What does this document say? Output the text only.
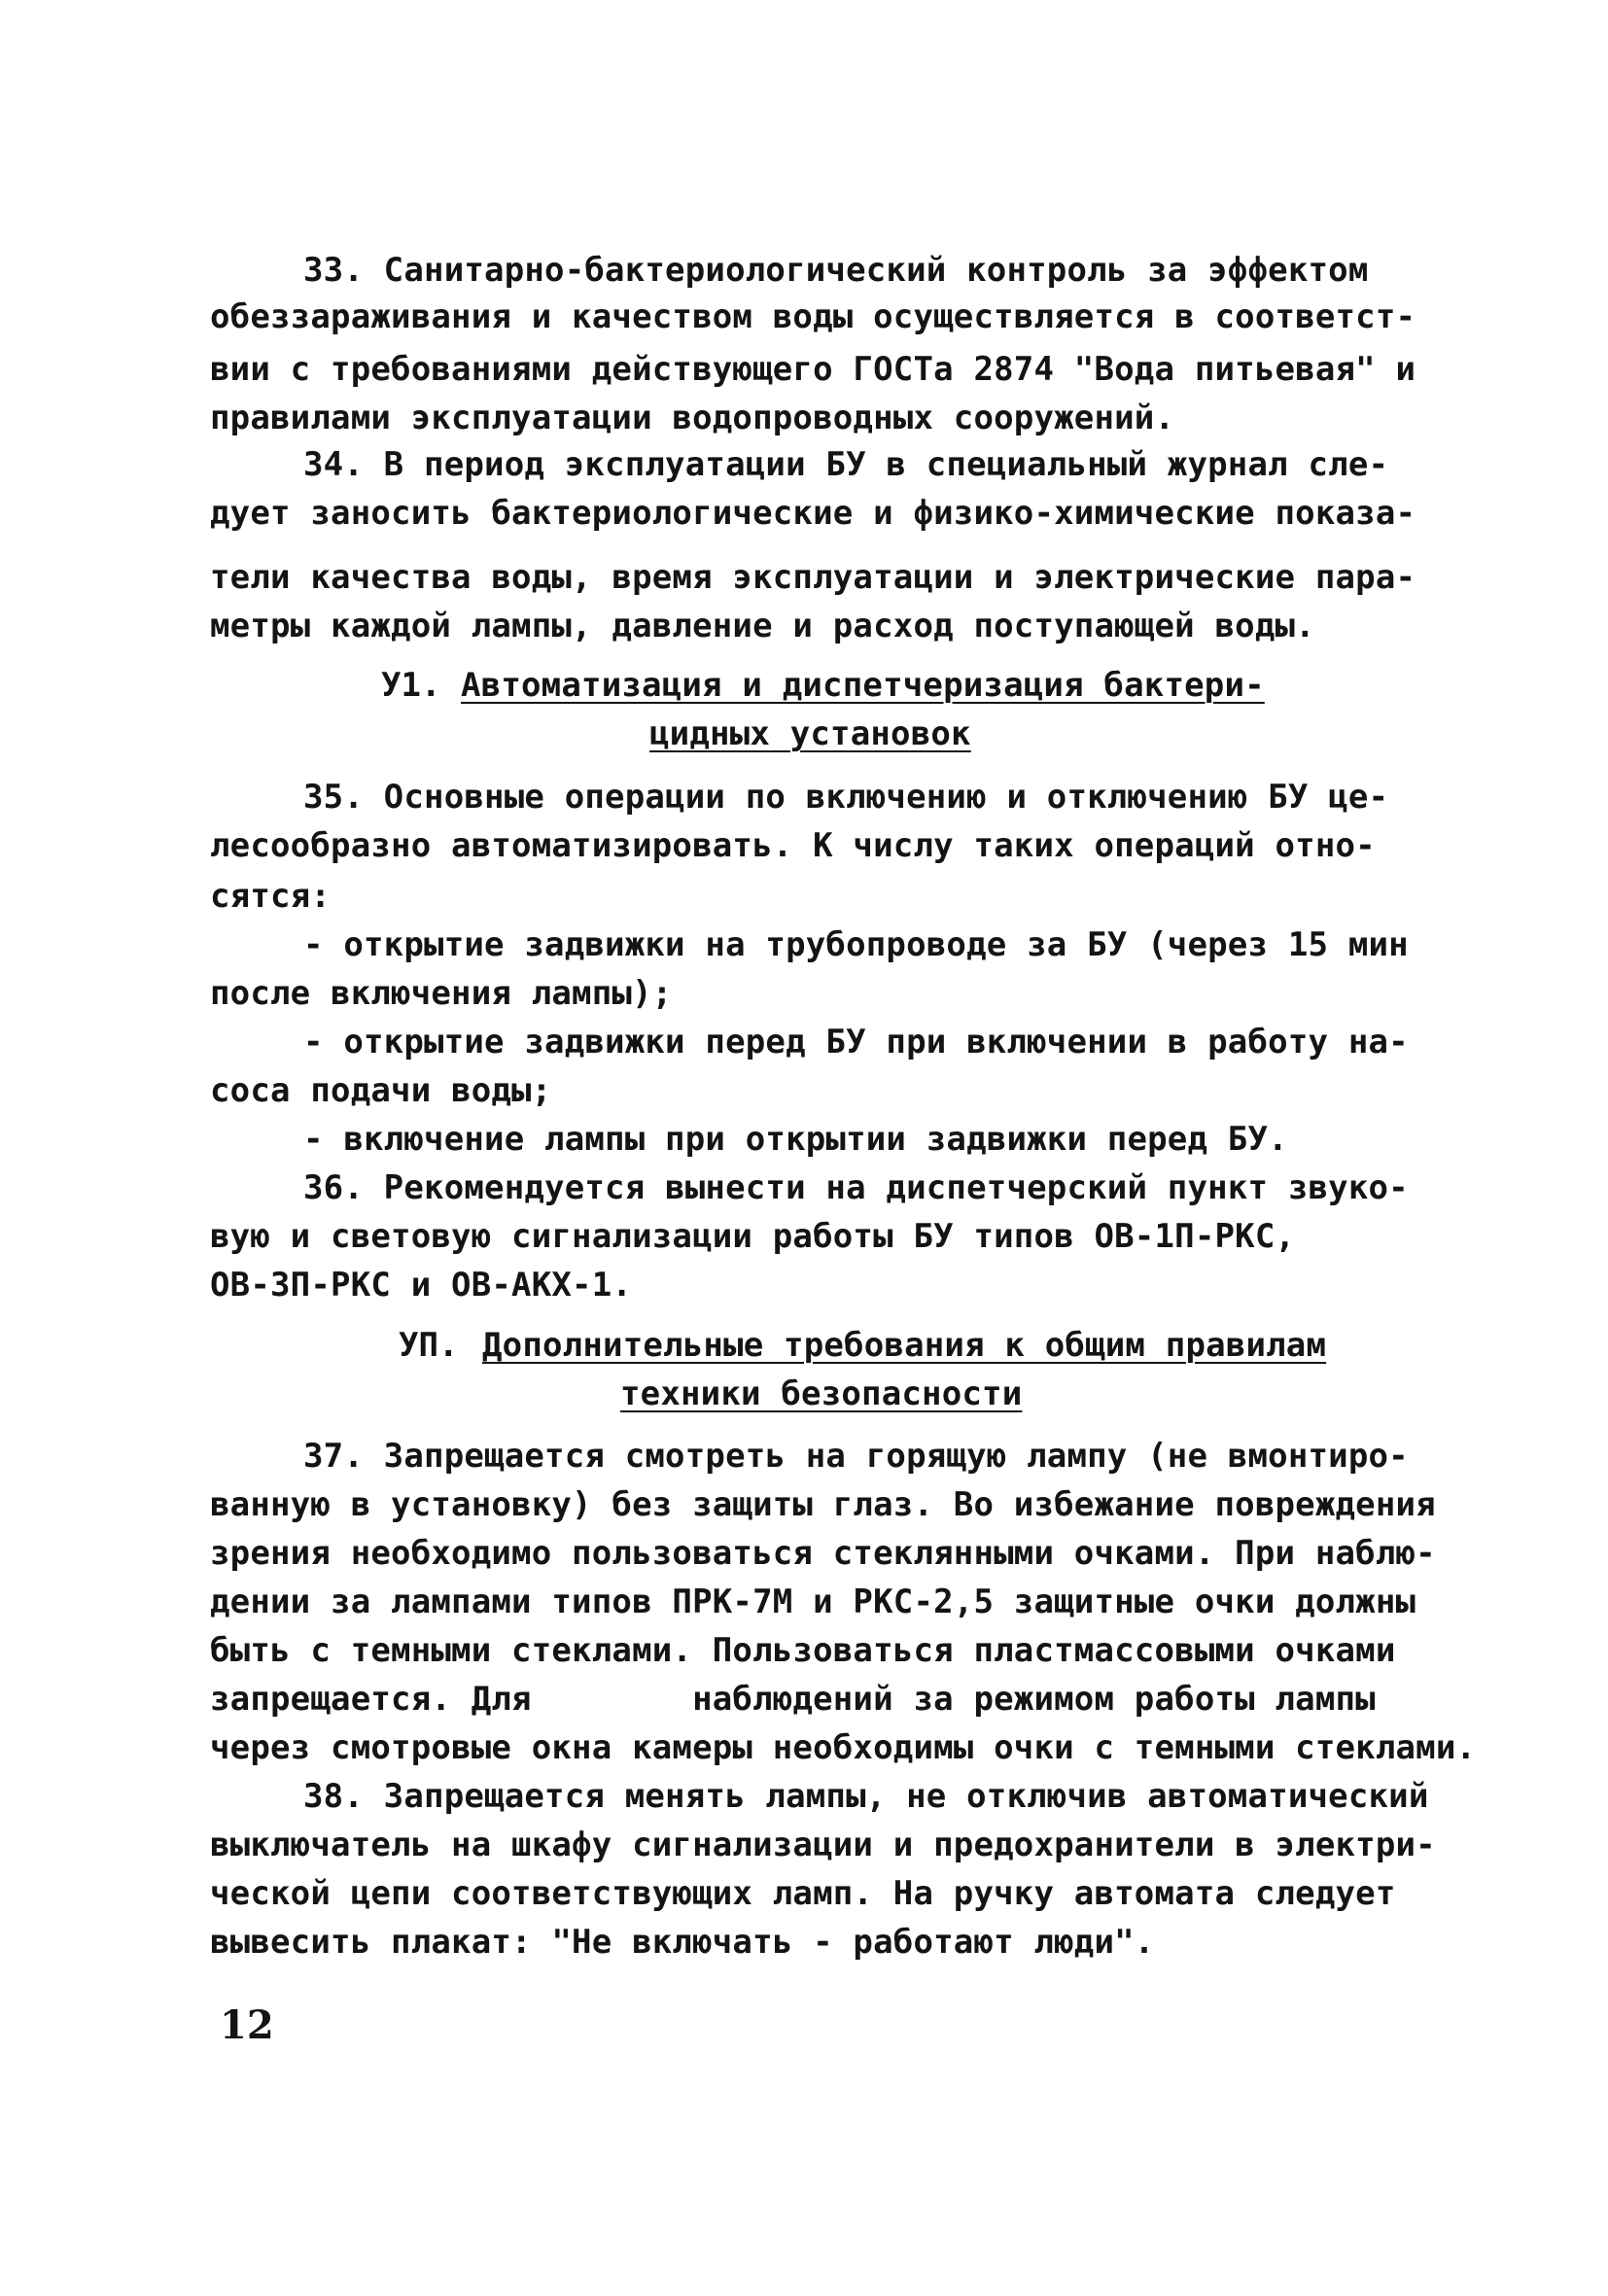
33. Санитарно-бактериологический контроль за эффектом
обеззараживания и качеством воды осуществляется в соответст-
вии с требованиями действующего ГОСТа 2874 "Вода питьевая" и
правилами эксплуатации водопроводных сооружений.
34. В период эксплуатации БУ в специальный журнал сле-
дует заносить бактериологические и физико-химические показа-
тели качества воды, время эксплуатации и электрические пара-
метры каждой лампы, давление и расход поступающей воды.
У1. Автоматизация и диспетчеризация бактери-
цидных установок
35. Основные операции по включению и отключению БУ це-
лесообразно автоматизировать. К числу таких операций отно-
сятся:
- открытие задвижки на трубопроводе за БУ (через 15 мин
после включения лампы);
- открытие задвижки перед БУ при включении в работу на-
соса подачи воды;
- включение лампы при открытии задвижки перед БУ.
36. Рекомендуется вынести на диспетчерский пункт звуко-
вую и световую сигнализации работы БУ типов ОВ-1П-РКС,
ОВ-3П-РКС и ОВ-АКХ-1.
УП. Дополнительные требования к общим правилам
техники безопасности
37. Запрещается смотреть на горящую лампу (не вмонтиро-
ванную в установку) без защиты глаз. Во избежание повреждения
зрения необходимо пользоваться стеклянными очками. При наблю-
дении за лампами типов ПРК-7М и РКС-2,5 защитные очки должны
быть с темными стеклами. Пользоваться пластмассовыми очками
запрещается. Для        наблюдений за режимом работы лампы
через смотровые окна камеры необходимы очки с темными стеклами.
38. Запрещается менять лампы, не отключив автоматический
выключатель на шкафу сигнализации и предохранители в электри-
ческой цепи соответствующих ламп. На ручку автомата следует
вывесить плакат: "Не включать - работают люди".
12
